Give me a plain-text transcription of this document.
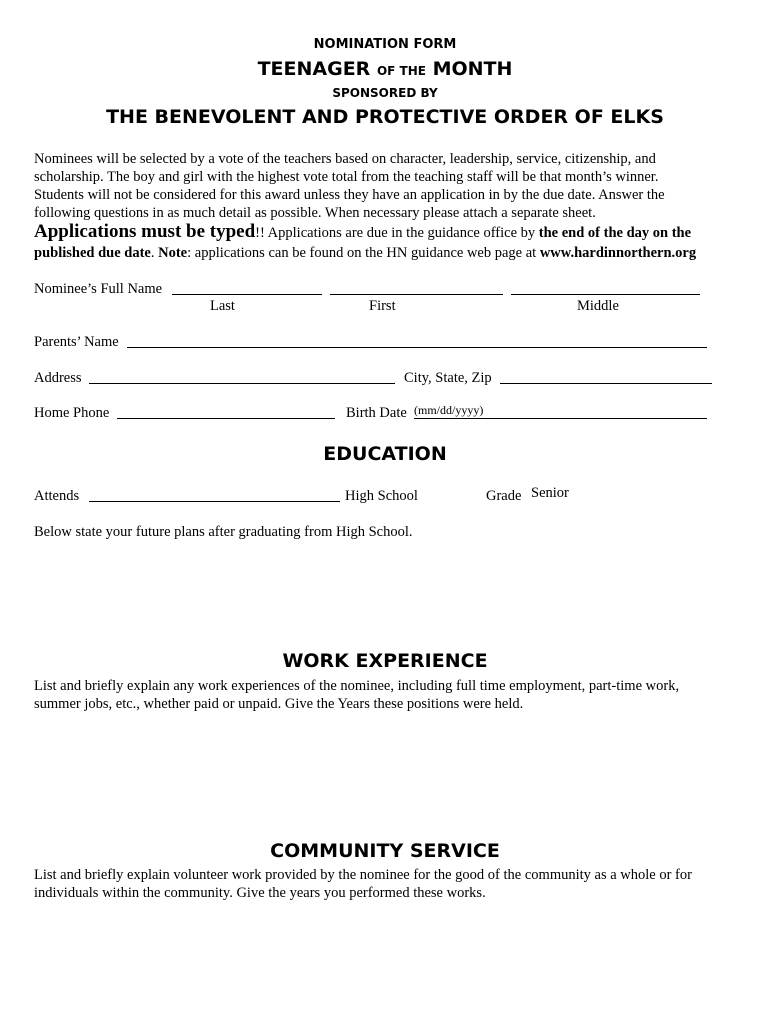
NOMINATION FORM
TEENAGER OF THE MONTH
SPONSORED BY
THE BENEVOLENT AND PROTECTIVE ORDER OF ELKS
Nominees will be selected by a vote of the teachers based on character, leadership, service, citizenship, and
scholarship. The boy and girl with the highest vote total from the teaching staff will be that month’s winner.
Students will not be considered for this award unless they have an application in by the due date. Answer the
following questions in as much detail as possible. When necessary please attach a separate sheet.
Applications must be typed!! Applications are due in the guidance office by the end of the day on the
published due date. Note: applications can be found on the HN guidance web page at www.hardinnorthern.org
Nominee’s Full Name
Last	First	Middle
Parents’ Name
Address	City, State, Zip
Home Phone	Birth Date (mm/dd/yyyy)
EDUCATION
Attends	High School	Grade Senior
Below state your future plans after graduating from High School.
WORK EXPERIENCE
List and briefly explain any work experiences of the nominee, including full time employment, part-time work,
summer jobs, etc., whether paid or unpaid. Give the Years these positions were held.
COMMUNITY SERVICE
List and briefly explain volunteer work provided by the nominee for the good of the community as a whole or for
individuals within the community. Give the years you performed these works.
